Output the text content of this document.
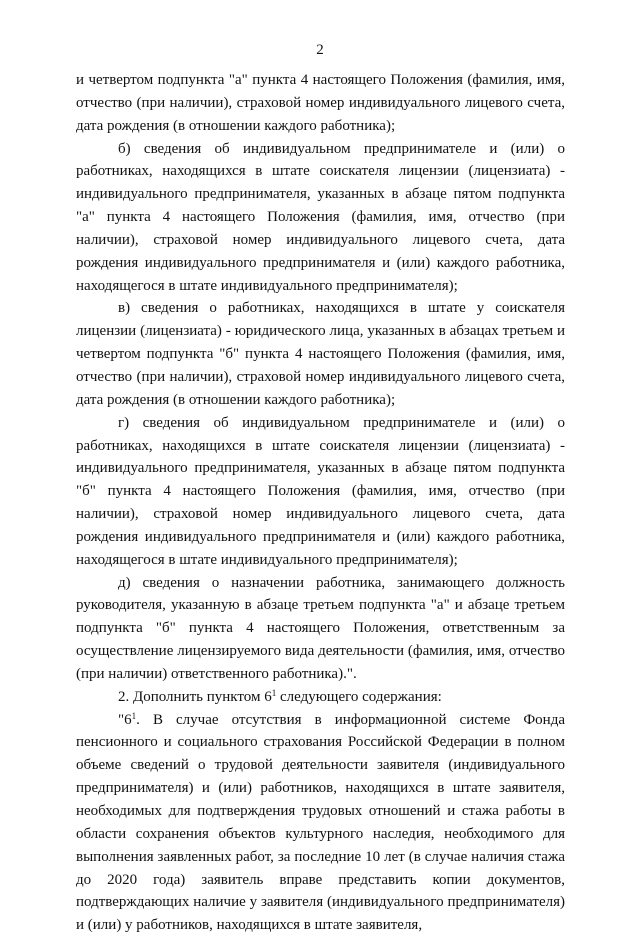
2

и четвертом подпункта "а" пункта 4 настоящего Положения (фамилия, имя, отчество (при наличии), страховой номер индивидуального лицевого счета, дата рождения (в отношении каждого работника);

б) сведения об индивидуальном предпринимателе и (или) о работниках, находящихся в штате соискателя лицензии (лицензиата) - индивидуального предпринимателя, указанных в абзаце пятом подпункта "а" пункта 4 настоящего Положения (фамилия, имя, отчество (при наличии), страховой номер индивидуального лицевого счета, дата рождения индивидуального предпринимателя и (или) каждого работника, находящегося в штате индивидуального предпринимателя);

в) сведения о работниках, находящихся в штате у соискателя лицензии (лицензиата) - юридического лица, указанных в абзацах третьем и четвертом подпункта "б" пункта 4 настоящего Положения (фамилия, имя, отчество (при наличии), страховой номер индивидуального лицевого счета, дата рождения (в отношении каждого работника);

г) сведения об индивидуальном предпринимателе и (или) о работниках, находящихся в штате соискателя лицензии (лицензиата) - индивидуального предпринимателя, указанных в абзаце пятом подпункта "б" пункта 4 настоящего Положения (фамилия, имя, отчество (при наличии), страховой номер индивидуального лицевого счета, дата рождения индивидуального предпринимателя и (или) каждого работника, находящегося в штате индивидуального предпринимателя);

д) сведения о назначении работника, занимающего должность руководителя, указанную в абзаце третьем подпункта "а" и абзаце третьем подпункта "б" пункта 4 настоящего Положения, ответственным за осуществление лицензируемого вида деятельности (фамилия, имя, отчество (при наличии) ответственного работника).".

2. Дополнить пунктом $6^1$ следующего содержания:

"$6^1$. В случае отсутствия в информационной системе Фонда пенсионного и социального страхования Российской Федерации в полном объеме сведений о трудовой деятельности заявителя (индивидуального предпринимателя) и (или) работников, находящихся в штате заявителя, необходимых для подтверждения трудовых отношений и стажа работы в области сохранения объектов культурного наследия, необходимого для выполнения заявленных работ, за последние 10 лет (в случае наличия стажа до 2020 года) заявитель вправе представить копии документов, подтверждающих наличие у заявителя (индивидуального предпринимателя) и (или) у работников, находящихся в штате заявителя,
